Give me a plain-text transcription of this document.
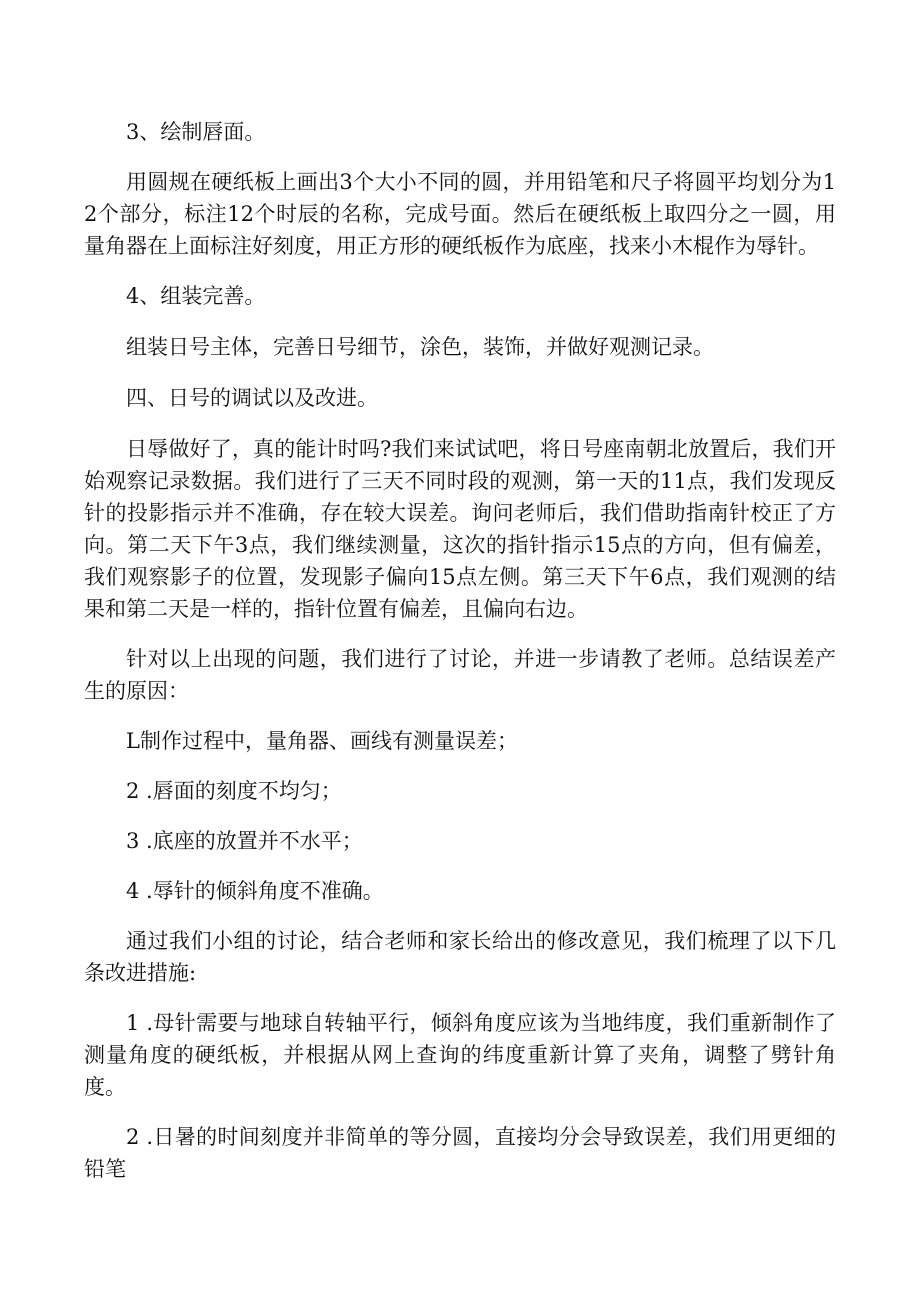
3、绘制唇面。

用圆规在硬纸板上画出3个大小不同的圆，并用铅笔和尺子将圆平均划分为12个部分，标注12个时辰的名称，完成号面。然后在硬纸板上取四分之一圆，用量角器在上面标注好刻度，用正方形的硬纸板作为底座，找来小木棍作为辱针。

4、组装完善。

组装日号主体，完善日号细节，涂色，装饰，并做好观测记录。

四、日号的调试以及改进。

日辱做好了，真的能计时吗?我们来试试吧，将日号座南朝北放置后，我们开始观察记录数据。我们进行了三天不同时段的观测，第一天的11点，我们发现反针的投影指示并不准确，存在较大误差。询问老师后，我们借助指南针校正了方向。第二天下午3点，我们继续测量，这次的指针指示15点的方向，但有偏差，我们观察影子的位置，发现影子偏向15点左侧。第三天下午6点，我们观测的结果和第二天是一样的，指针位置有偏差，且偏向右边。

针对以上出现的问题，我们进行了讨论，并进一步请教了老师。总结误差产生的原因：

L制作过程中，量角器、画线有测量误差；

2 .唇面的刻度不均匀；

3 .底座的放置并不水平；

4 .辱针的倾斜角度不准确。

通过我们小组的讨论，结合老师和家长给出的修改意见，我们梳理了以下几条改进措施:

1 .母针需要与地球自转轴平行，倾斜角度应该为当地纬度，我们重新制作了测量角度的硬纸板，并根据从网上查询的纬度重新计算了夹角，调整了劈针角度。

2 .日暑的时间刻度并非简单的等分圆，直接均分会导致误差，我们用更细的铅笔
